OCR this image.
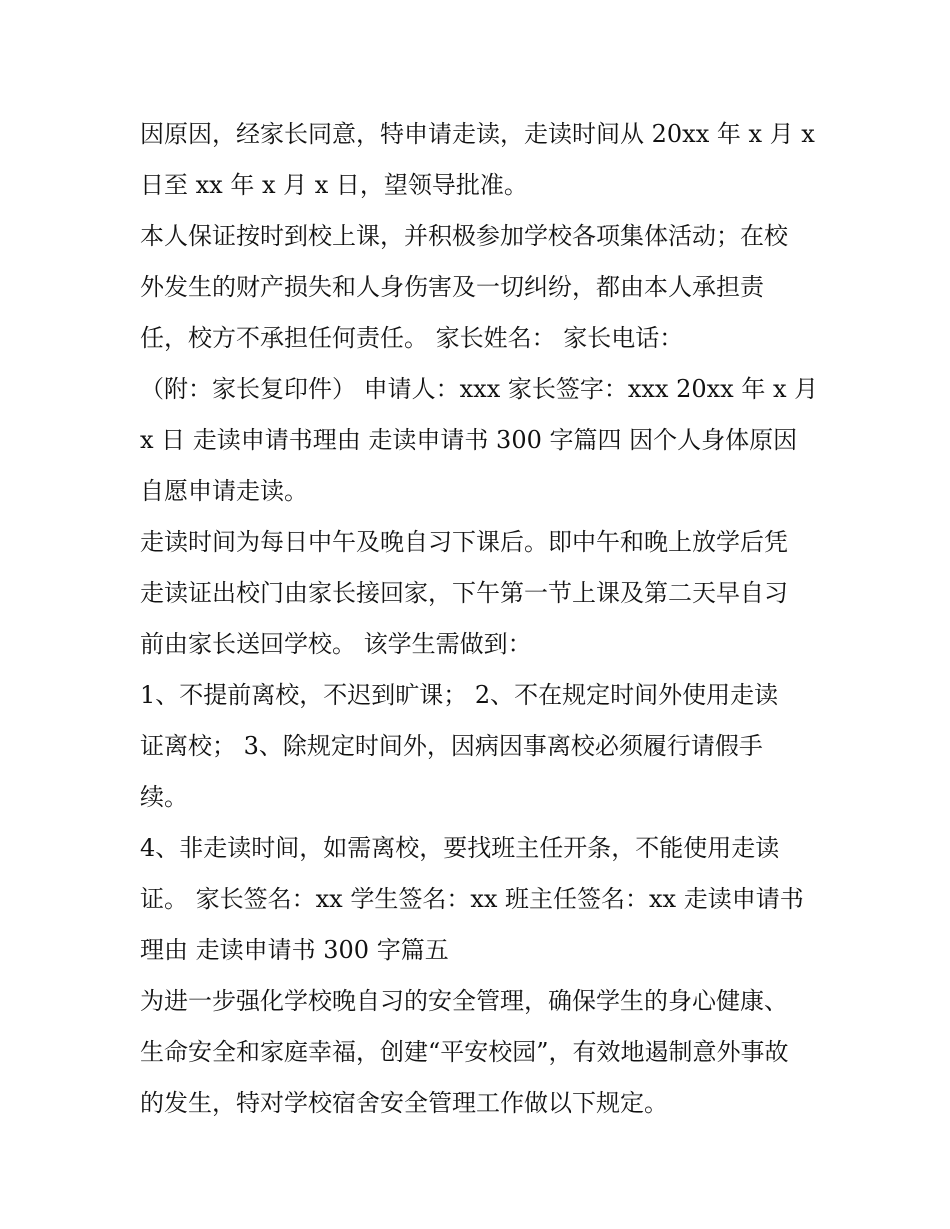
因原因，经家长同意，特申请走读，走读时间从 20xx 年 x 月 x
日至 xx 年 x 月 x 日，望领导批准。
本人保证按时到校上课，并积极参加学校各项集体活动；在校
外发生的财产损失和人身伤害及一切纠纷，都由本人承担责
任，校方不承担任何责任。 家长姓名： 家长电话：
（附：家长复印件） 申请人：xxx 家长签字：xxx 20xx 年 x 月
x 日 走读申请书理由 走读申请书 300 字篇四 因个人身体原因
自愿申请走读。
走读时间为每日中午及晚自习下课后。即中午和晚上放学后凭
走读证出校门由家长接回家，下午第一节上课及第二天早自习
前由家长送回学校。 该学生需做到：
1、不提前离校，不迟到旷课； 2、不在规定时间外使用走读
证离校； 3、除规定时间外，因病因事离校必须履行请假手
续。
4、非走读时间，如需离校，要找班主任开条，不能使用走读
证。 家长签名：xx 学生签名：xx 班主任签名：xx 走读申请书
理由 走读申请书 300 字篇五
为进一步强化学校晚自习的安全管理，确保学生的身心健康、
生命安全和家庭幸福，创建“平安校园”，有效地遏制意外事故
的发生，特对学校宿舍安全管理工作做以下规定。
